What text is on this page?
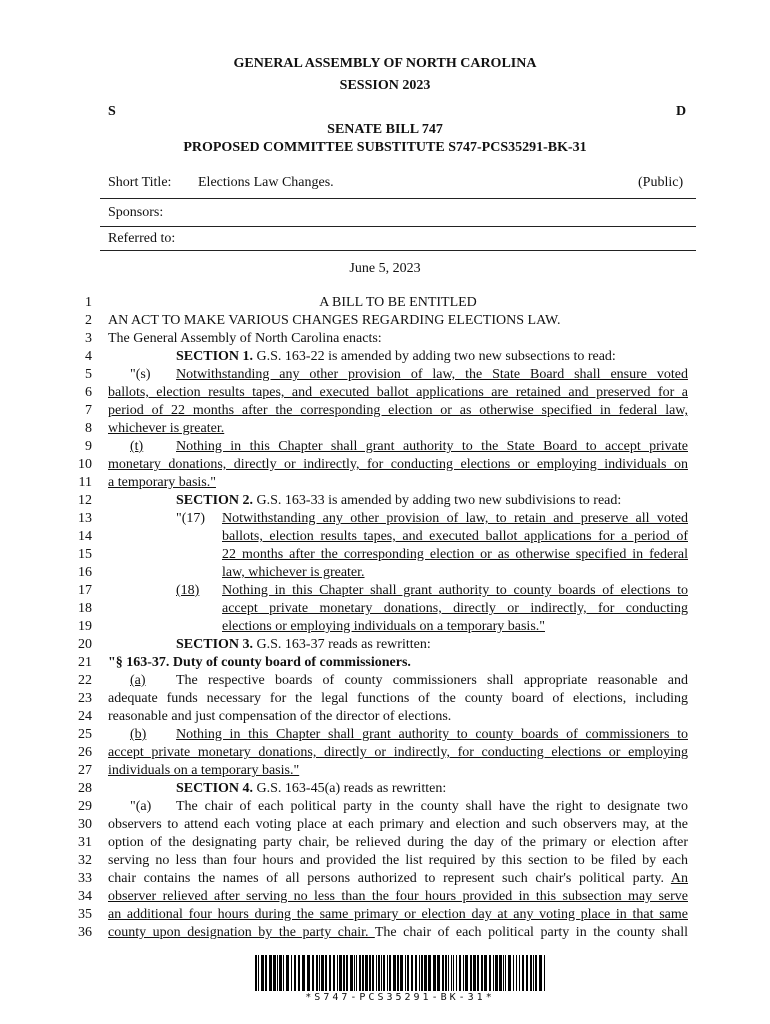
GENERAL ASSEMBLY OF NORTH CAROLINA
SESSION 2023
S	D
SENATE BILL 747
PROPOSED COMMITTEE SUBSTITUTE S747-PCS35291-BK-31
Short Title: Elections Law Changes.	(Public)
Sponsors:
Referred to:
June 5, 2023
1
2
3
4
5
6
7
8
9
10
11
12
13
14
15
16
17
18
19
20
21
22
23
24
25
26
27
28
29
30
31
32
33
34
35
36
A BILL TO BE ENTITLED
AN ACT TO MAKE VARIOUS CHANGES REGARDING ELECTIONS LAW.
The General Assembly of North Carolina enacts:
SECTION 1. G.S. 163-22 is amended by adding two new subsections to read:
"(s) Notwithstanding any other provision of law, the State Board shall ensure voted
ballots, election results tapes, and executed ballot applications are retained and preserved for a
period of 22 months after the corresponding election or as otherwise specified in federal law,
whichever is greater.
(t) Nothing in this Chapter shall grant authority to the State Board to accept private
monetary donations, directly or indirectly, for conducting elections or employing individuals on
a temporary basis."
SECTION 2. G.S. 163-33 is amended by adding two new subdivisions to read:
"(17) Notwithstanding any other provision of law, to retain and preserve all voted
ballots, election results tapes, and executed ballot applications for a period of
22 months after the corresponding election or as otherwise specified in federal
law, whichever is greater.
(18) Nothing in this Chapter shall grant authority to county boards of elections to
accept private monetary donations, directly or indirectly, for conducting
elections or employing individuals on a temporary basis."
SECTION 3. G.S. 163-37 reads as rewritten:
"§ 163-37. Duty of county board of commissioners.
(a) The respective boards of county commissioners shall appropriate reasonable and
adequate funds necessary for the legal functions of the county board of elections, including
reasonable and just compensation of the director of elections.
(b) Nothing in this Chapter shall grant authority to county boards of commissioners to
accept private monetary donations, directly or indirectly, for conducting elections or employing
individuals on a temporary basis."
SECTION 4. G.S. 163-45(a) reads as rewritten:
"(a) The chair of each political party in the county shall have the right to designate two
observers to attend each voting place at each primary and election and such observers may, at the
option of the designating party chair, be relieved during the day of the primary or election after
serving no less than four hours and provided the list required by this section to be filed by each
chair contains the names of all persons authorized to represent such chair's political party. An
observer relieved after serving no less than the four hours provided in this subsection may serve
an additional four hours during the same primary or election day at any voting place in that same
county upon designation by the party chair. The chair of each political party in the county shall
*S747-PCS35291-BK-31*
